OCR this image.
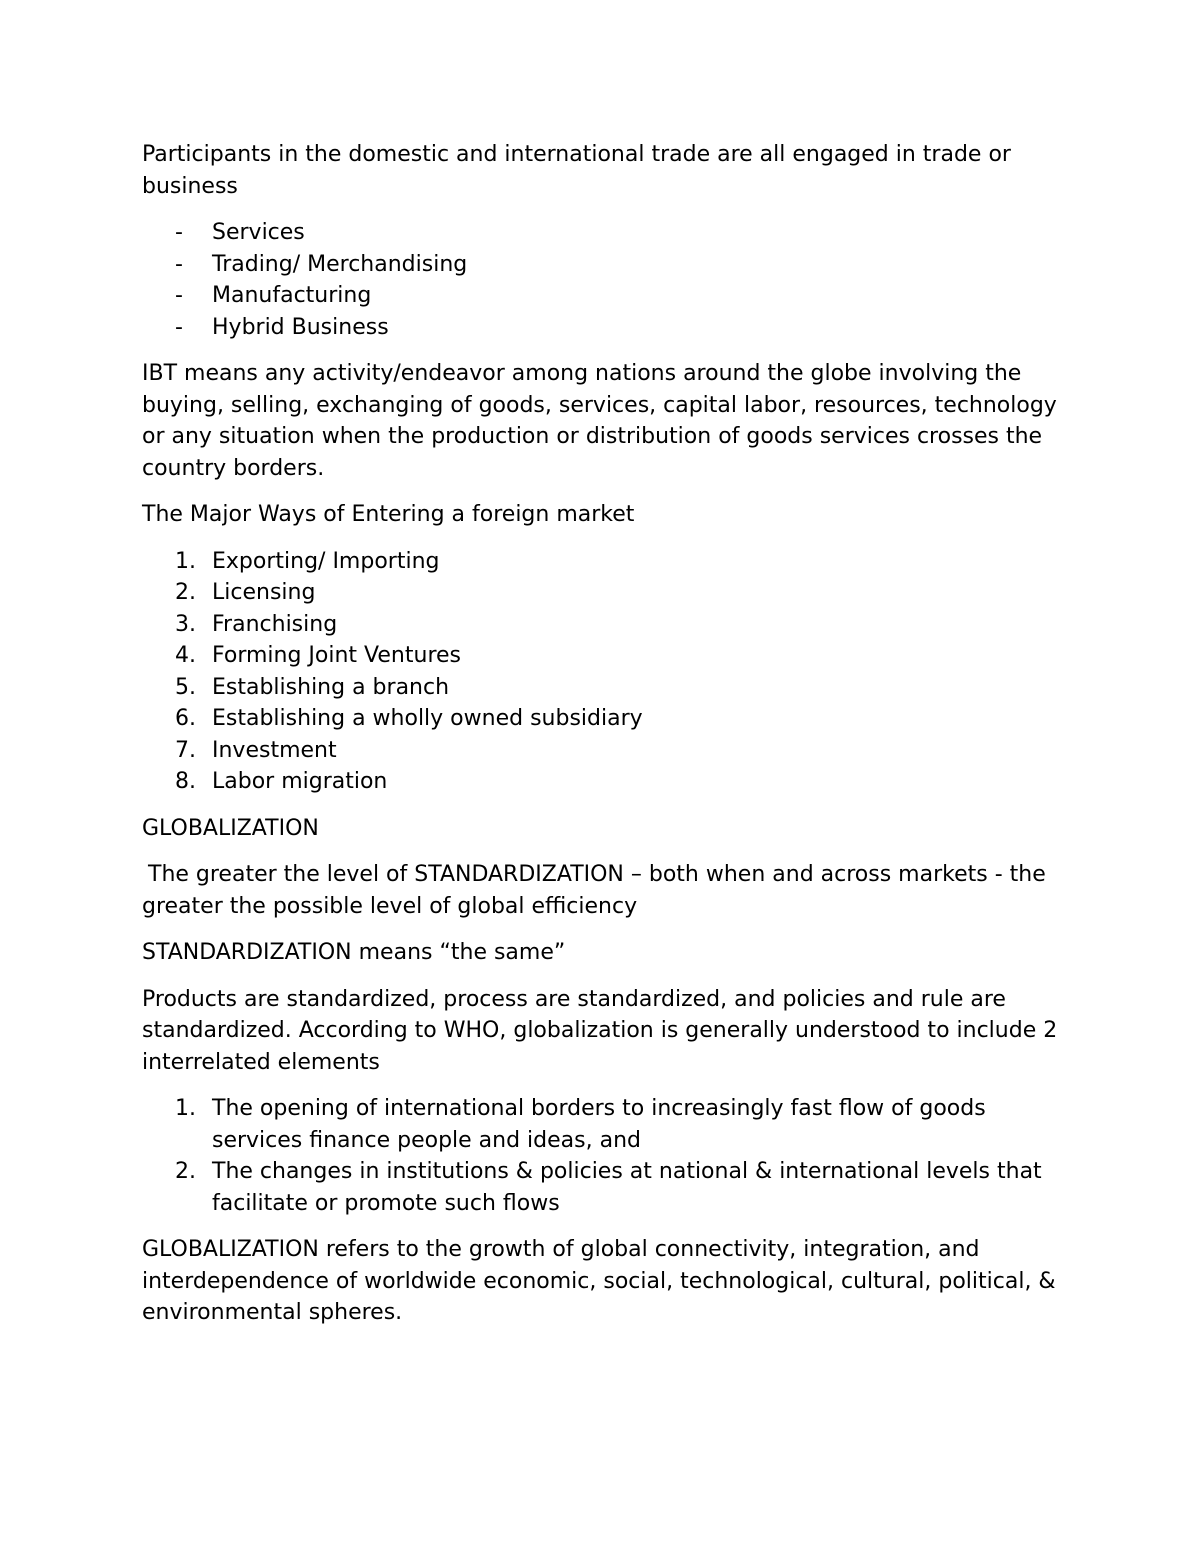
Participants in the domestic and international trade are all engaged in trade or business

- Services
- Trading/ Merchandising
- Manufacturing
- Hybrid Business

IBT means any activity/endeavor among nations around the globe involving the buying, selling, exchanging of goods, services, capital labor, resources, technology or any situation when the production or distribution of goods services crosses the country borders.

The Major Ways of Entering a foreign market

1. Exporting/ Importing
2. Licensing
3. Franchising
4. Forming Joint Ventures
5. Establishing a branch
6. Establishing a wholly owned subsidiary
7. Investment
8. Labor migration

GLOBALIZATION

The greater the level of STANDARDIZATION – both when and across markets - the greater the possible level of global efficiency

STANDARDIZATION means “the same”

Products are standardized, process are standardized, and policies and rule are standardized. According to WHO, globalization is generally understood to include 2 interrelated elements

1. The opening of international borders to increasingly fast flow of goods services finance people and ideas, and
2. The changes in institutions & policies at national & international levels that facilitate or promote such flows

GLOBALIZATION refers to the growth of global connectivity, integration, and interdependence of worldwide economic, social, technological, cultural, political, & environmental spheres.
